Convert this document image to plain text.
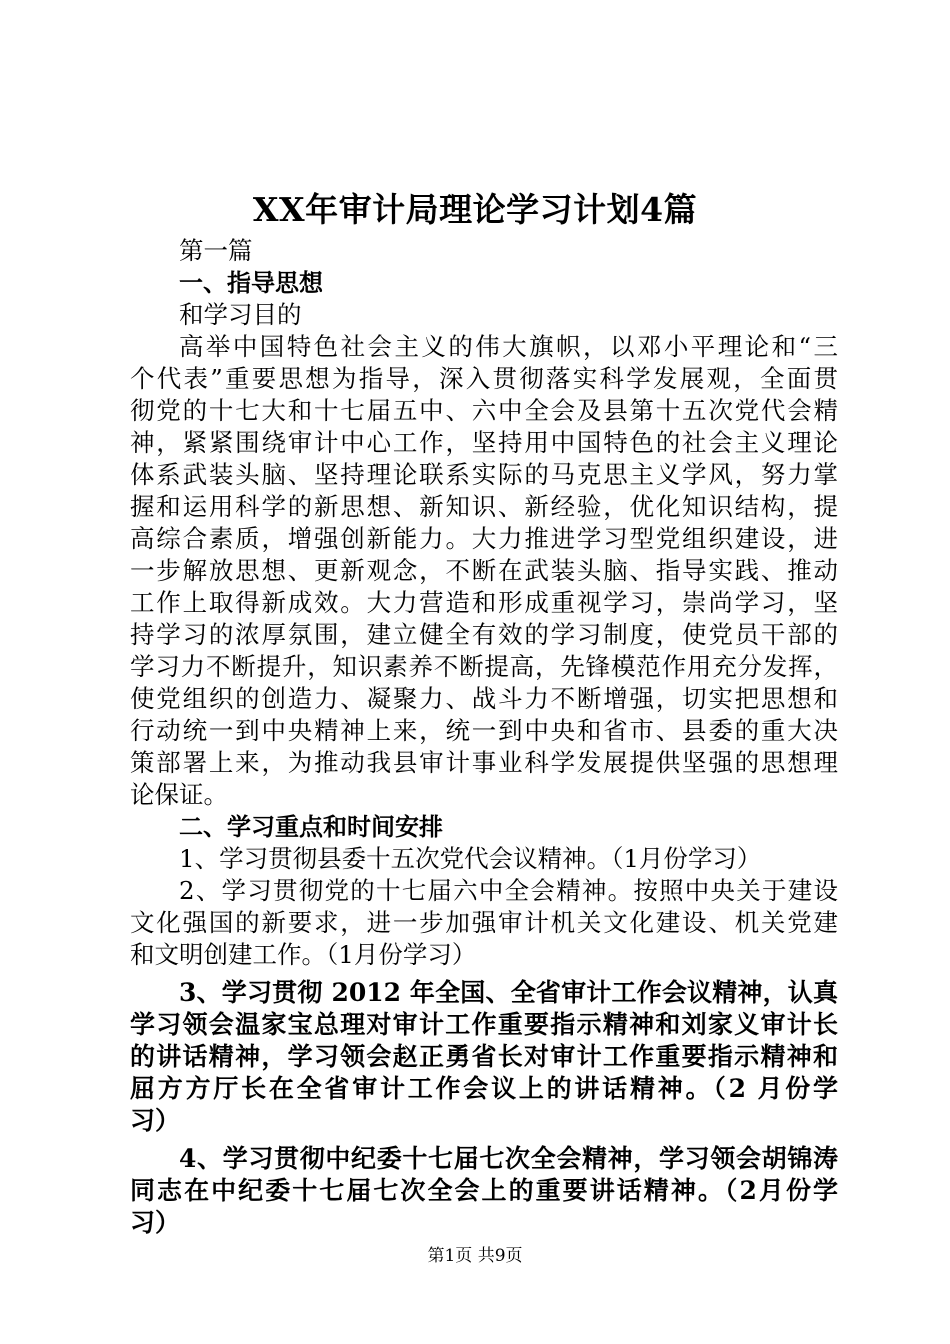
XX年审计局理论学习计划4篇
第一篇
一、指导思想
和学习目的
高举中国特色社会主义的伟大旗帜，以邓小平理论和“三
个代表”重要思想为指导，深入贯彻落实科学发展观，全面贯
彻党的十七大和十七届五中、六中全会及县第十五次党代会精
神，紧紧围绕审计中心工作，坚持用中国特色的社会主义理论
体系武装头脑、坚持理论联系实际的马克思主义学风，努力掌
握和运用科学的新思想、新知识、新经验，优化知识结构，提
高综合素质，增强创新能力。大力推进学习型党组织建设，进
一步解放思想、更新观念，不断在武装头脑、指导实践、推动
工作上取得新成效。大力营造和形成重视学习，崇尚学习，坚
持学习的浓厚氛围，建立健全有效的学习制度，使党员干部的
学习力不断提升，知识素养不断提高，先锋模范作用充分发挥，
使党组织的创造力、凝聚力、战斗力不断增强，切实把思想和
行动统一到中央精神上来，统一到中央和省市、县委的重大决
策部署上来，为推动我县审计事业科学发展提供坚强的思想理
论保证。
二、学习重点和时间安排
1、学习贯彻县委十五次党代会议精神。（1月份学习）
2、学习贯彻党的十七届六中全会精神。按照中央关于建设
文化强国的新要求，进一步加强审计机关文化建设、机关党建
和文明创建工作。（1月份学习）
3、学习贯彻 2012 年全国、全省审计工作会议精神，认真
学习领会温家宝总理对审计工作重要指示精神和刘家义审计长
的讲话精神，学习领会赵正勇省长对审计工作重要指示精神和
屈方方厅长在全省审计工作会议上的讲话精神。（2 月份学
习）
4、学习贯彻中纪委十七届七次全会精神，学习领会胡锦涛
同志在中纪委十七届七次全会上的重要讲话精神。（2月份学
习）
第1页 共9页
